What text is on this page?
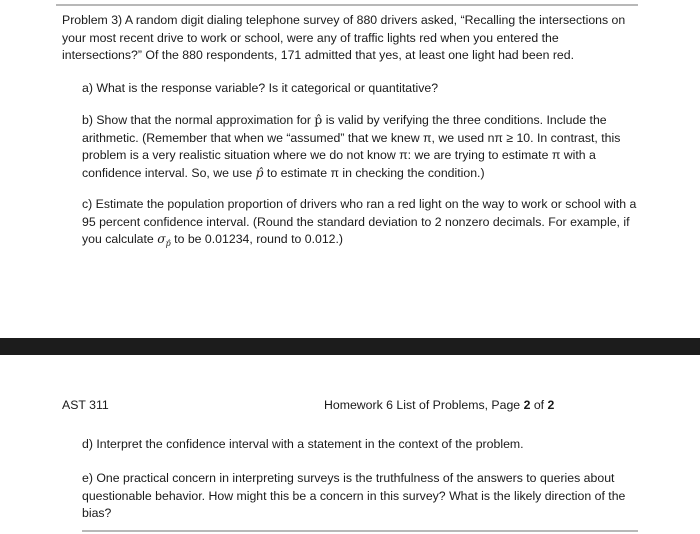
Problem 3) A random digit dialing telephone survey of 880 drivers asked, “Recalling the intersections on your most recent drive to work or school, were any of traffic lights red when you entered the intersections?” Of the 880 respondents, 171 admitted that yes, at least one light had been red.

a) What is the response variable? Is it categorical or quantitative?

b) Show that the normal approximation for p̂ is valid by verifying the three conditions. Include the arithmetic. (Remember that when we “assumed” that we knew π, we used nπ ≥ 10. In contrast, this problem is a very realistic situation where we do not know π: we are trying to estimate π with a confidence interval. So, we use p̂ to estimate π in checking the condition.)

c) Estimate the population proportion of drivers who ran a red light on the way to work or school with a 95 percent confidence interval. (Round the standard deviation to 2 nonzero decimals. For example, if you calculate $\sigma_{p̂}$ to be 0.01234, round to 0.012.)

AST 311	Homework 6 List of Problems, Page 2 of 2

d) Interpret the confidence interval with a statement in the context of the problem.

e) One practical concern in interpreting surveys is the truthfulness of the answers to queries about questionable behavior. How might this be a concern in this survey? What is the likely direction of the bias?
